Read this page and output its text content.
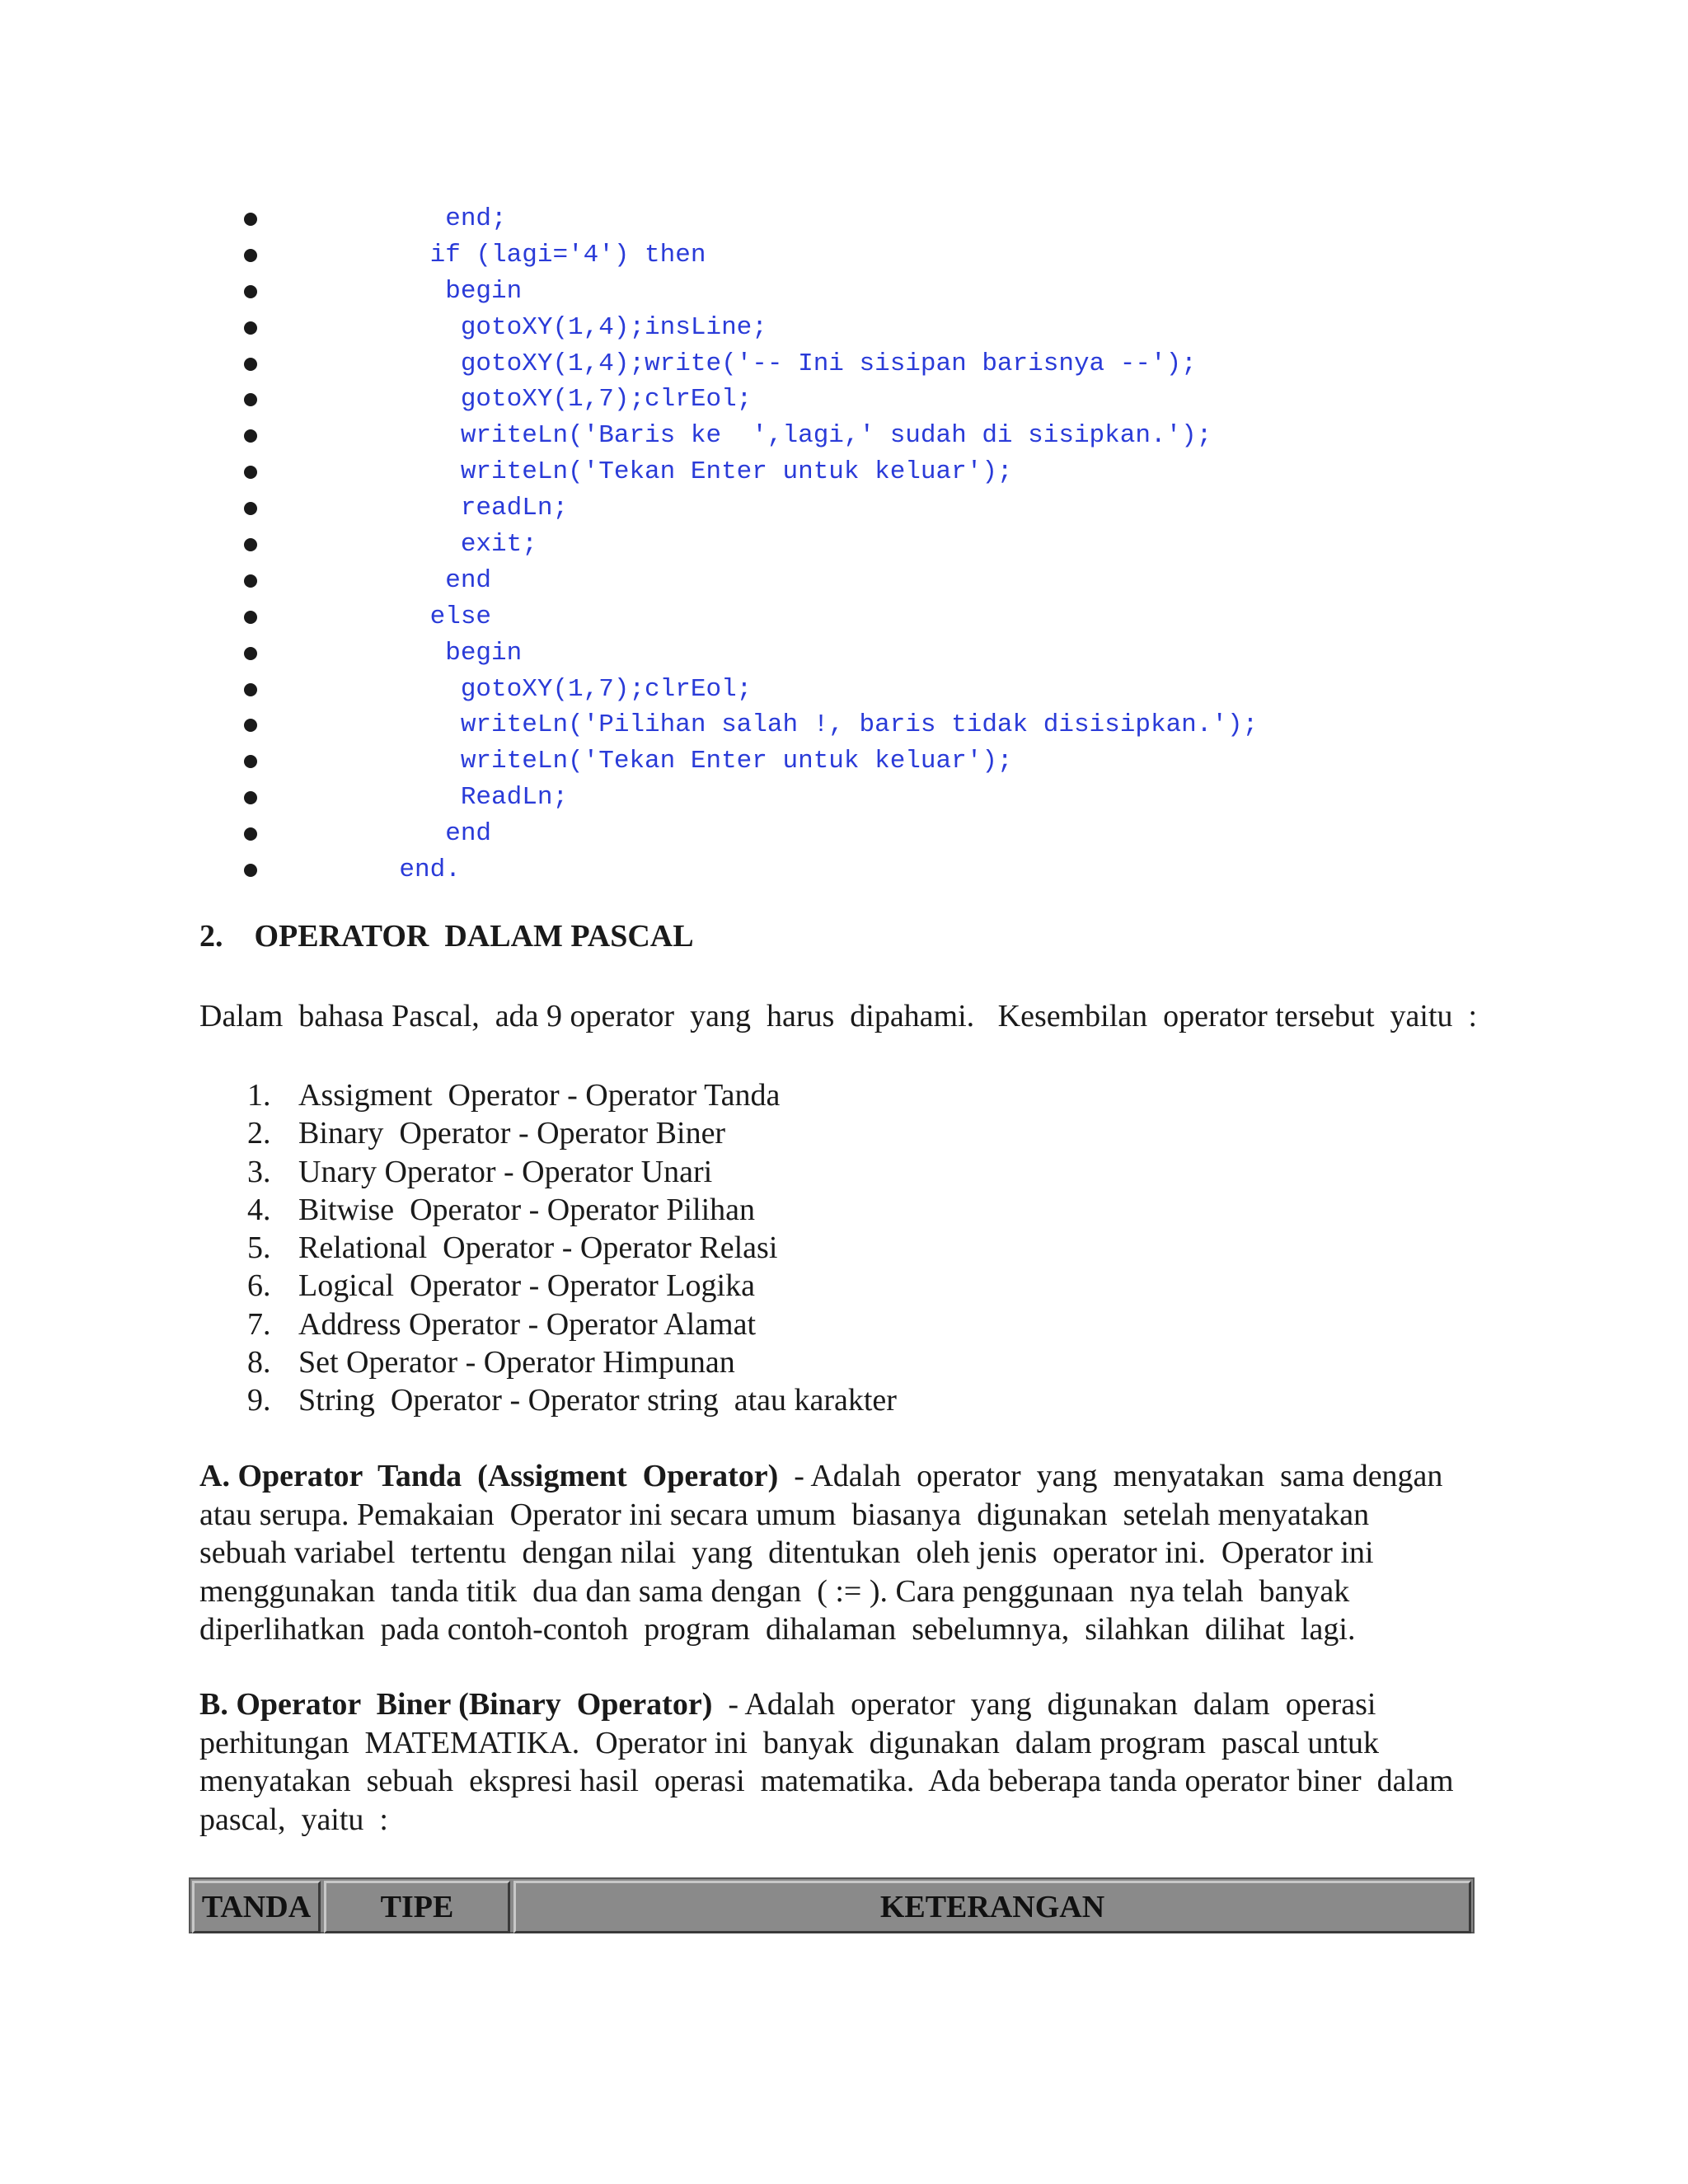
end;
if (lagi='4') then
begin
gotoXY(1,4);insLine;
gotoXY(1,4);write('-- Ini sisipan barisnya --');
gotoXY(1,7);clrEol;
writeLn('Baris ke  ',lagi,' sudah di sisipkan.');
writeLn('Tekan Enter untuk keluar');
readLn;
exit;
end
else
begin
gotoXY(1,7);clrEol;
writeLn('Pilihan salah !, baris tidak disisipkan.');
writeLn('Tekan Enter untuk keluar');
ReadLn;
end
end.
2. OPERATOR  DALAM PASCAL
Dalam  bahasa Pascal,  ada 9 operator  yang  harus  dipahami.   Kesembilan  operator tersebut  yaitu  :
1. Assigment  Operator - Operator Tanda
2. Binary  Operator - Operator Biner
3. Unary Operator - Operator Unari
4. Bitwise  Operator - Operator Pilihan
5. Relational  Operator - Operator Relasi
6. Logical  Operator - Operator Logika
7. Address Operator - Operator Alamat
8. Set Operator - Operator Himpunan
9. String  Operator - Operator string  atau karakter
A. Operator  Tanda  (Assigment  Operator)  - Adalah  operator  yang  menyatakan  sama dengan
atau serupa. Pemakaian  Operator ini secara umum  biasanya  digunakan  setelah menyatakan
sebuah variabel  tertentu  dengan nilai  yang  ditentukan  oleh jenis  operator ini.  Operator ini
menggunakan  tanda titik  dua dan sama dengan  ( := ). Cara penggunaan  nya telah  banyak
diperlihatkan  pada contoh-contoh  program  dihalaman  sebelumnya,  silahkan  dilihat  lagi.
B. Operator  Biner (Binary  Operator)  - Adalah  operator  yang  digunakan  dalam  operasi
perhitungan  MATEMATIKA.  Operator ini  banyak  digunakan  dalam program  pascal untuk
menyatakan  sebuah  ekspresi hasil  operasi  matematika.  Ada beberapa tanda operator biner  dalam
pascal,  yaitu  :
TANDA	TIPE	KETERANGAN
